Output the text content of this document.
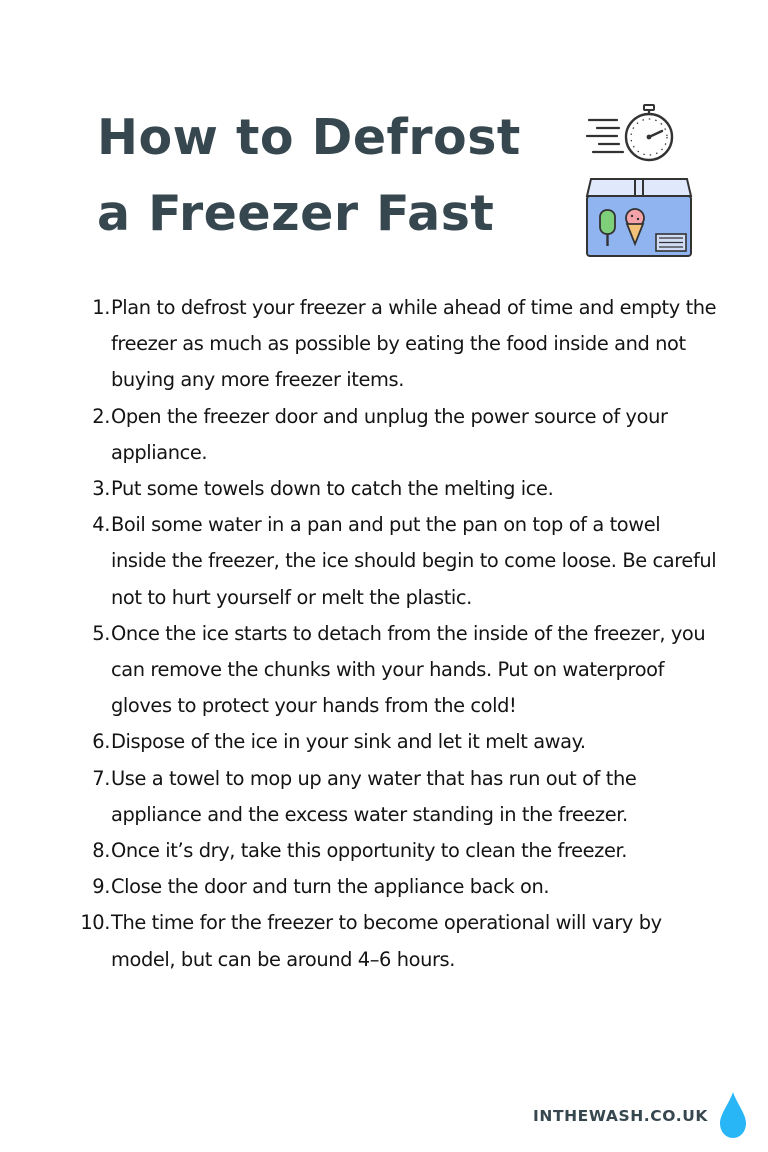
How to Defrost
a Freezer Fast
1. Plan to defrost your freezer a while ahead of time and empty the freezer as much as possible by eating the food inside and not buying any more freezer items.
2. Open the freezer door and unplug the power source of your appliance.
3. Put some towels down to catch the melting ice.
4. Boil some water in a pan and put the pan on top of a towel inside the freezer, the ice should begin to come loose. Be careful not to hurt yourself or melt the plastic.
5. Once the ice starts to detach from the inside of the freezer, you can remove the chunks with your hands. Put on waterproof gloves to protect your hands from the cold!
6. Dispose of the ice in your sink and let it melt away.
7. Use a towel to mop up any water that has run out of the appliance and the excess water standing in the freezer.
8. Once it’s dry, take this opportunity to clean the freezer.
9. Close the door and turn the appliance back on.
10. The time for the freezer to become operational will vary by model, but can be around 4–6 hours.
INTHEWASH.CO.UK
